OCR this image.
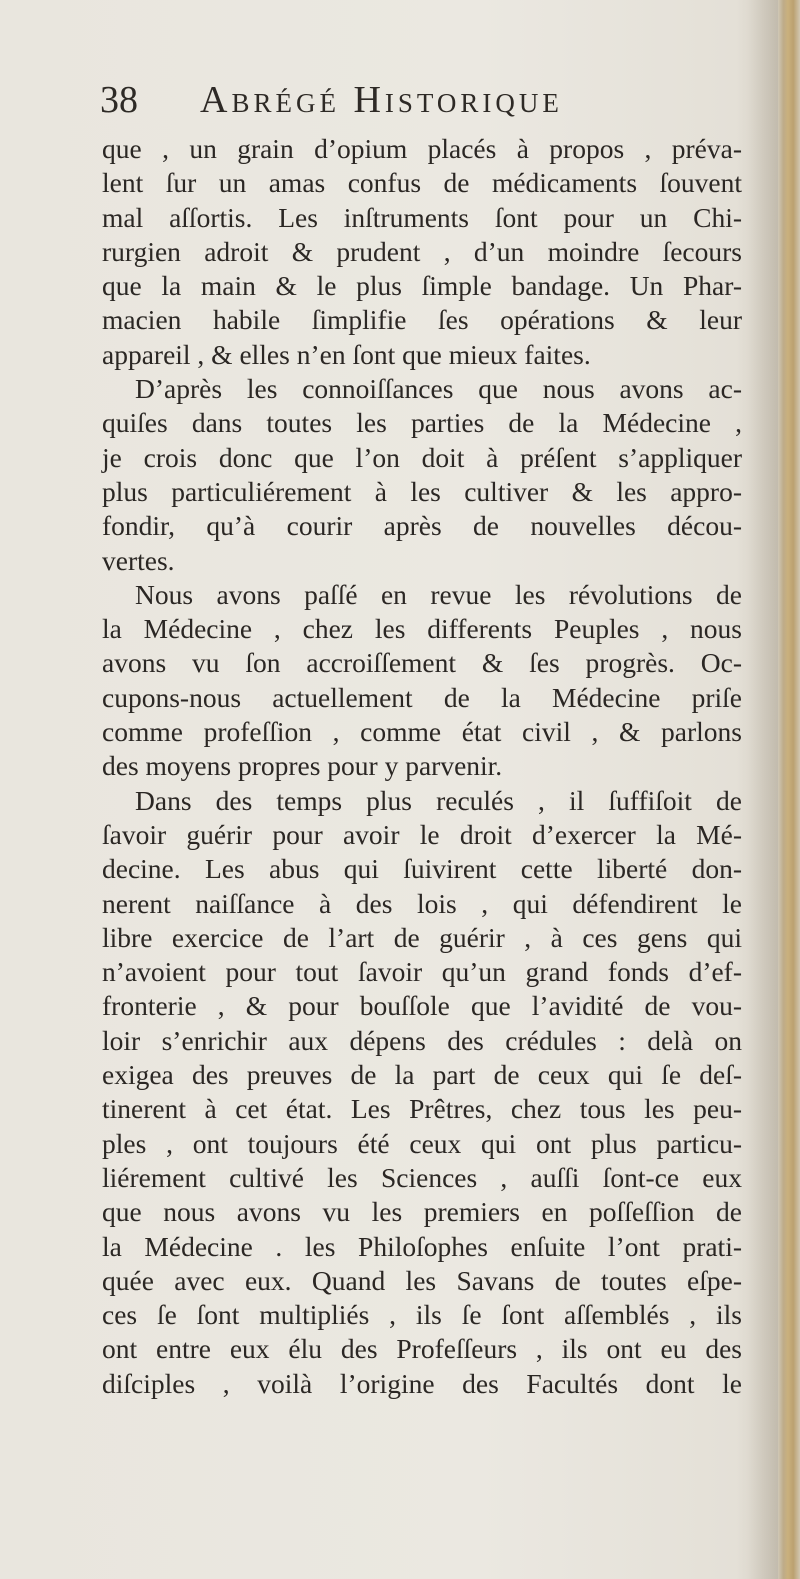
38 Abrégé Historique
que , un grain d’opium placés à propos , préva-
lent ſur un amas confus de médicaments ſouvent
mal aſſortis. Les inſtruments ſont pour un Chi-
rurgien adroit & prudent , d’un moindre ſecours
que la main & le plus ſimple bandage. Un Phar-
macien habile ſimplifie ſes opérations & leur
appareil , & elles n’en ſont que mieux faites.
D’après les connoiſſances que nous avons ac-
quiſes dans toutes les parties de la Médecine ,
je crois donc que l’on doit à préſent s’appliquer
plus particuliérement à les cultiver & les appro-
fondir, qu’à courir après de nouvelles décou-
vertes.
Nous avons paſſé en revue les révolutions de
la Médecine , chez les differents Peuples , nous
avons vu ſon accroiſſement & ſes progrès. Oc-
cupons-nous actuellement de la Médecine priſe
comme profeſſion , comme état civil , & parlons
des moyens propres pour y parvenir.
Dans des temps plus reculés , il ſuffiſoit de
ſavoir guérir pour avoir le droit d’exercer la Mé-
decine. Les abus qui ſuivirent cette liberté don-
nerent naiſſance à des lois , qui défendirent le
libre exercice de l’art de guérir , à ces gens qui
n’avoient pour tout ſavoir qu’un grand fonds d’ef-
fronterie , & pour bouſſole que l’avidité de vou-
loir s’enrichir aux dépens des crédules : delà on
exigea des preuves de la part de ceux qui ſe deſ-
tinerent à cet état. Les Prêtres, chez tous les peu-
ples , ont toujours été ceux qui ont plus particu-
liérement cultivé les Sciences , auſſi ſont-ce eux
que nous avons vu les premiers en poſſeſſion de
la Médecine . les Philoſophes enſuite l’ont prati-
quée avec eux. Quand les Savans de toutes eſpe-
ces ſe ſont multipliés , ils ſe ſont aſſemblés , ils
ont entre eux élu des Profeſſeurs , ils ont eu des
diſciples , voilà l’origine des Facultés dont le
